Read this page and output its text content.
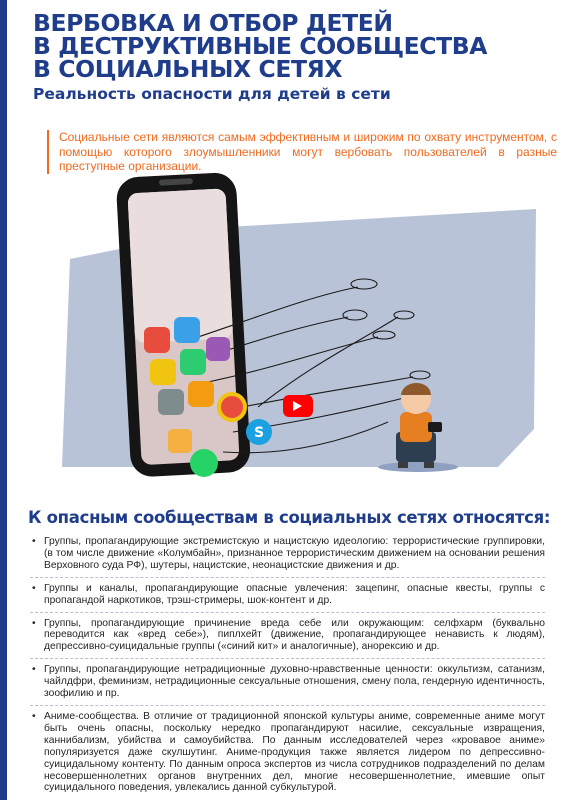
ВЕРБОВКА И ОТБОР ДЕТЕЙ
В ДЕСТРУКТИВНЫЕ СООБЩЕСТВА
В СОЦИАЛЬНЫХ СЕТЯХ
Реальность опасности для детей в сети

Социальные сети являются самым эффективным и широким по охвату инструментом, с помощью которого злоумышленники могут вербовать пользователей в разные преступные организации.

S
К опасным сообществам в социальных сетях относятся:
• Группы, пропагандирующие экстремистскую и нацистскую идеологию: террористические группировки, (в том числе движение «Колумбайн», признанное террористическим движением на основании решения Верховного суда РФ), шутеры, нацистские, неонацистские движения и др.
• Группы и каналы, пропагандирующие опасные увлечения: зацепинг, опасные квесты, группы с пропагандой наркотиков, трэш-стримеры, шок-контент и др.
• Группы, пропагандирующие причинение вреда себе или окружающим: селфхарм (буквально переводится как «вред себе»), пиплхейт (движение, пропагандирующее ненависть к людям), депрессивно-суицидальные группы («синий кит» и аналогичные), анорексию и др.
• Группы, пропагандирующие нетрадиционные духовно-нравственные ценности: оккультизм, сатанизм, чайлдфри, феминизм, нетрадиционные сексуальные отношения, смену пола, гендерную идентичность, зоофилию и пр.
• Аниме-сообщества. В отличие от традиционной японской культуры аниме, современные аниме могут быть очень опасны, поскольку нередко пропагандируют насилие, сексуальные извращения, каннибализм, убийства и самоубийства. По данным исследователей через «кровавое аниме» популяризуется даже скулшутинг. Аниме-продукция также является лидером по депрессивно-суицидальному контенту. По данным опроса экспертов из числа сотрудников подразделений по делам несовершеннолетних органов внутренних дел, многие несовершеннолетние, имевшие опыт суицидального поведения, увлекались данной субкультурой.
